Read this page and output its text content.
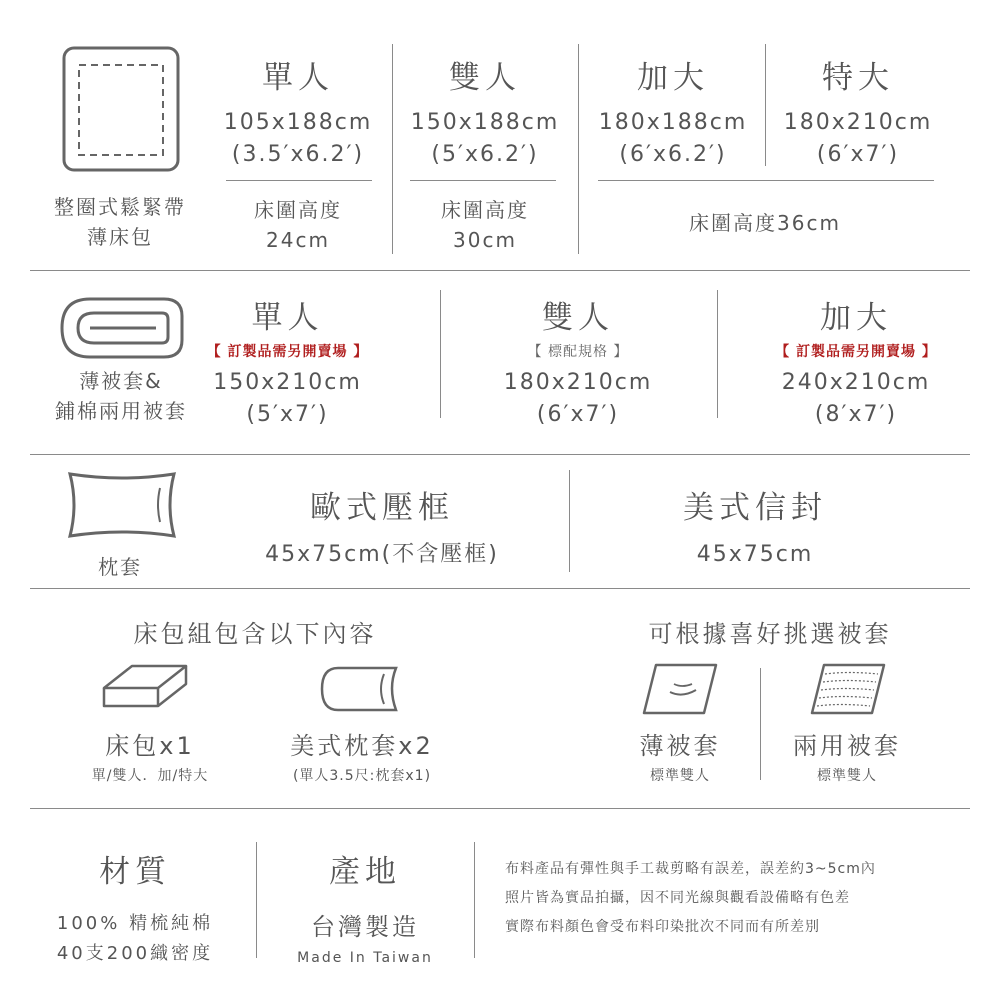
整圈式鬆緊帶
薄床包
單人
105x188cm
(3.5′x6.2′)
雙人
150x188cm
(5′x6.2′)
加大
180x188cm
(6′x6.2′)
特大
180x210cm
(6′x7′)
床圍高度
24cm
床圍高度
30cm
床圍高度36cm
薄被套&
鋪棉兩用被套
單人
【 訂製品需另開賣場 】
150x210cm
(5′x7′)
雙人
【 標配規格 】
180x210cm
(6′x7′)
加大
【 訂製品需另開賣場 】
240x210cm
(8′x7′)
枕套
歐式壓框
45x75cm(不含壓框)
美式信封
45x75cm
床包組包含以下內容	可根據喜好挑選被套
床包x1
單/雙人．加/特大
美式枕套x2
(單人3.5尺:枕套x1)
薄被套
標準雙人
兩用被套
標準雙人
材質
100% 精梳純棉
40支200織密度
產地
台灣製造
Made In Taiwan
布料產品有彈性與手工裁剪略有誤差，誤差約3~5cm內
照片皆為實品拍攝，因不同光線與觀看設備略有色差
實際布料顏色會受布料印染批次不同而有所差別
